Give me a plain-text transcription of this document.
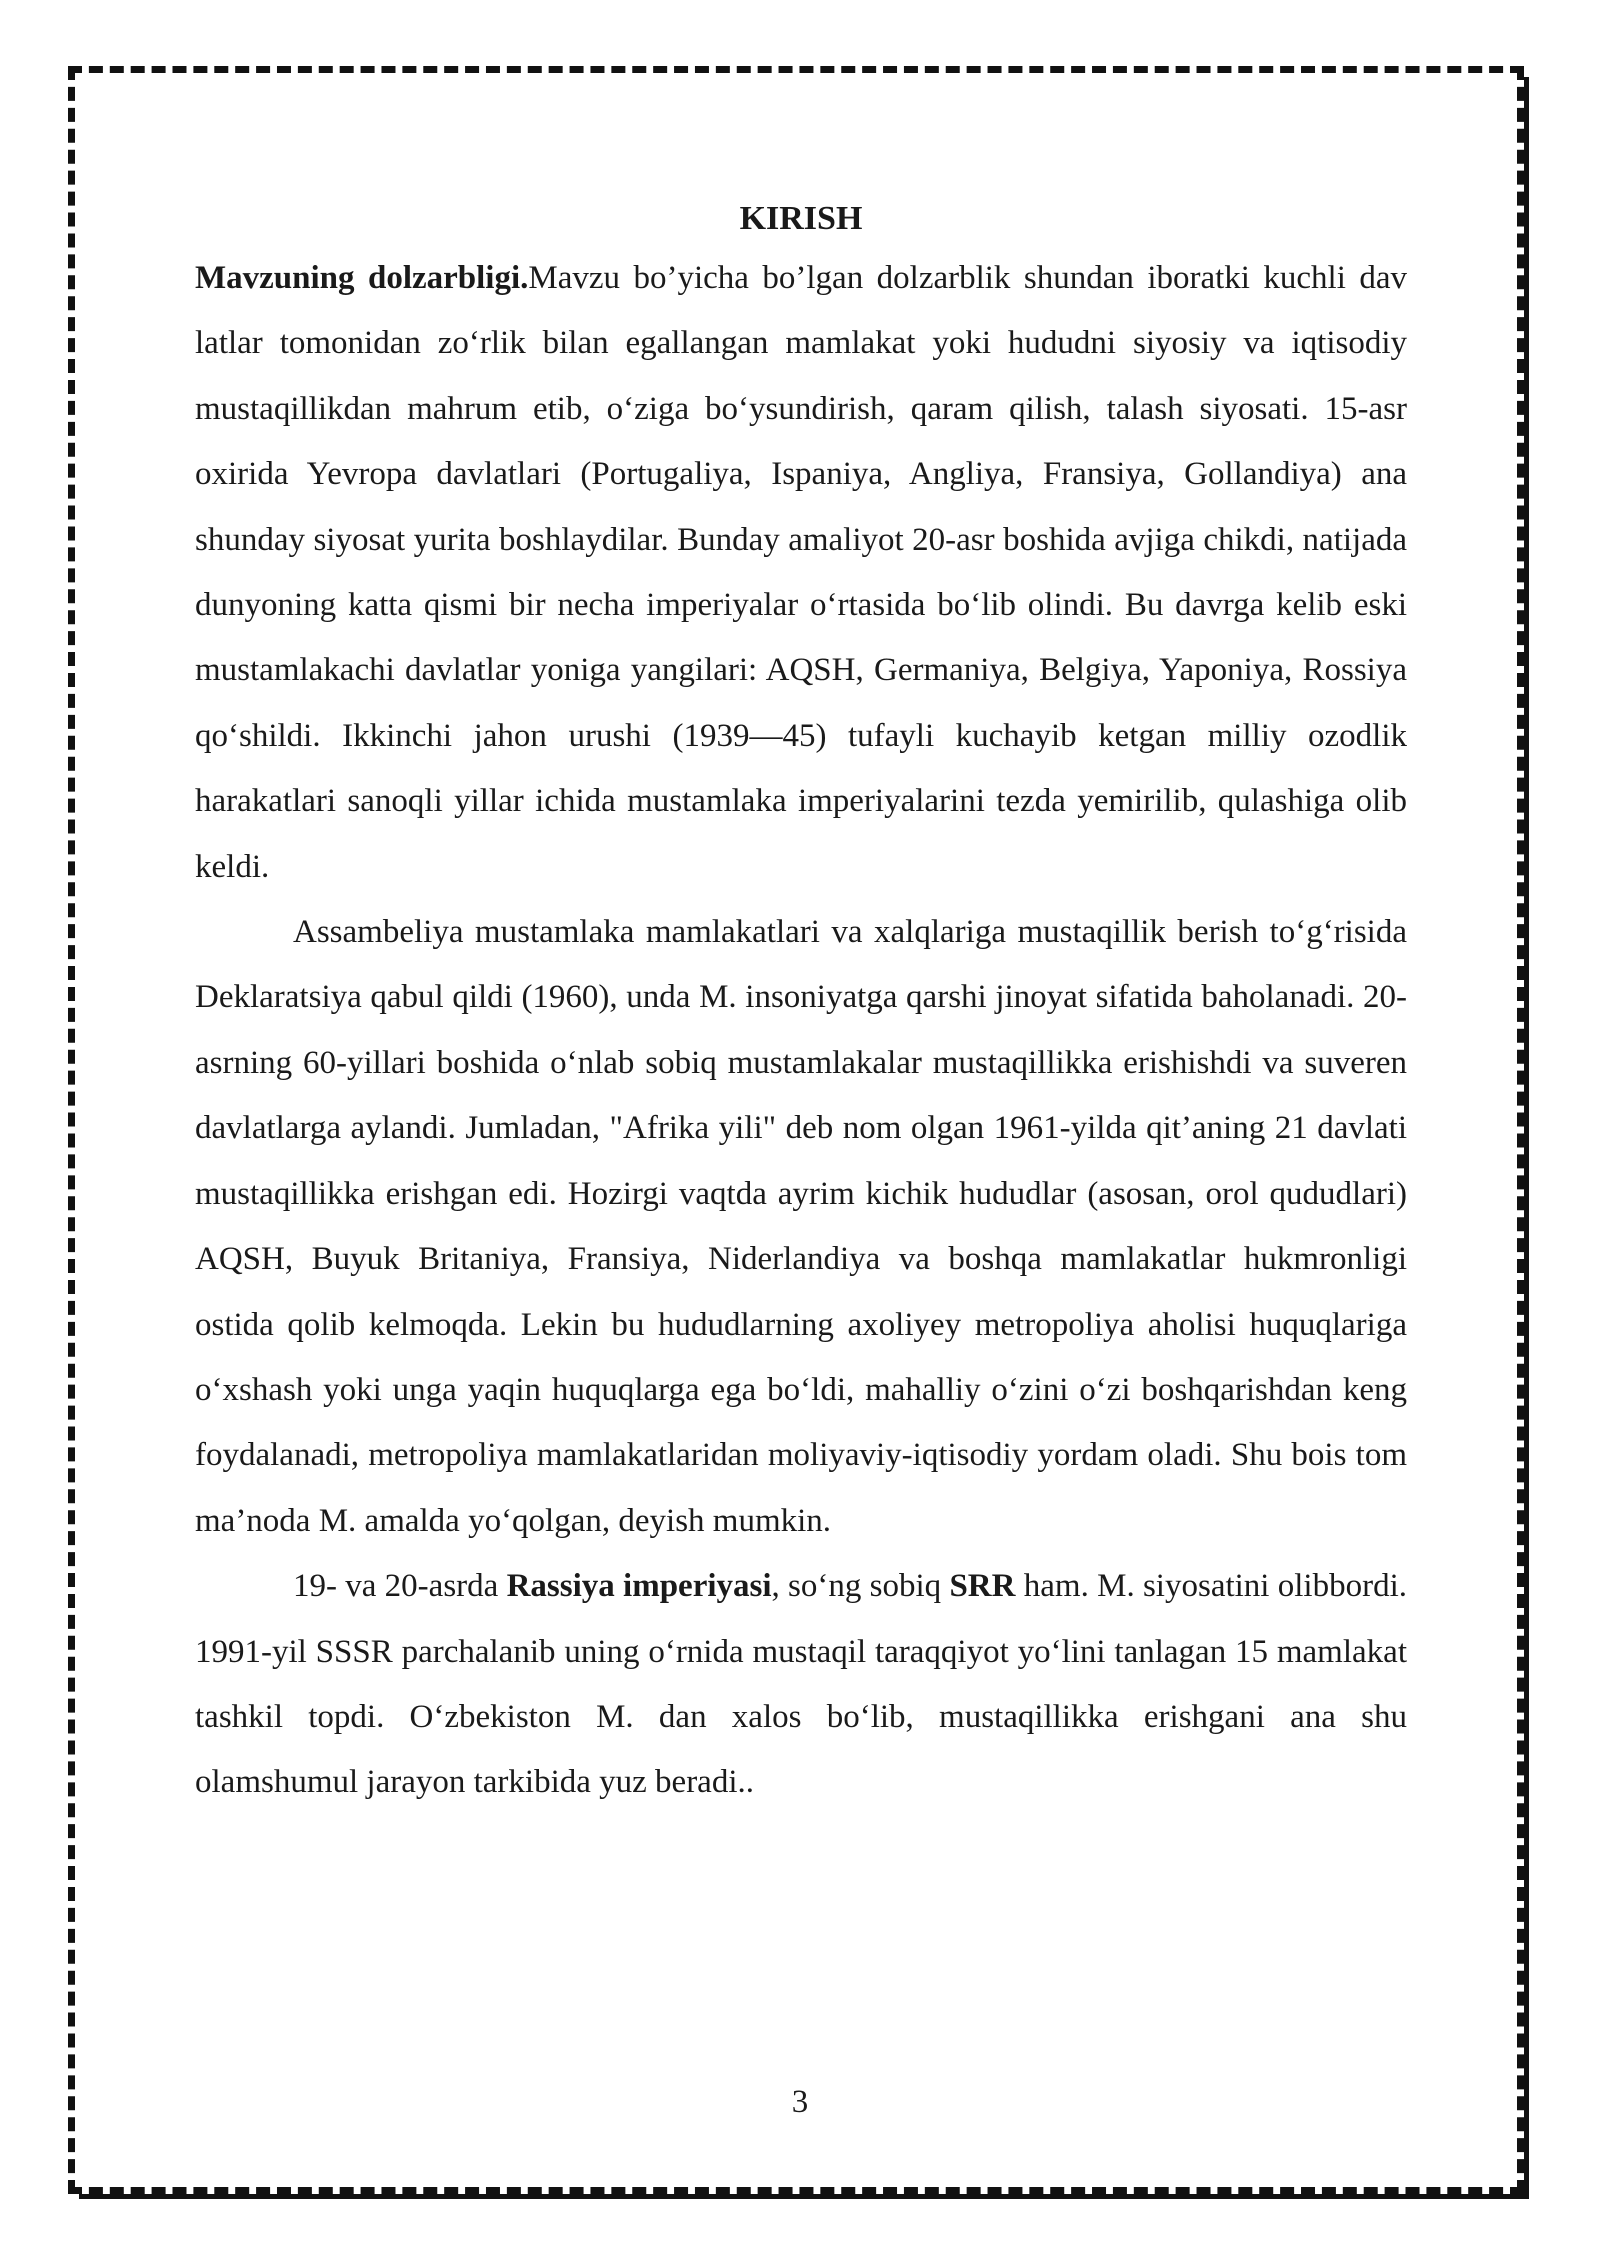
KIRISH

Mavzuning dolzarbligi.Mavzu bo’yicha bo’lgan dolzarblik shundan iboratki kuchli dav latlar tomonidan zoʻrlik bilan egallangan mamlakat yoki hududni siyosiy va iqtisodiy mustaqillikdan mahrum etib, oʻziga boʻysundirish, qaram qilish, talash siyosati. 15-asr oxirida Yevropa davlatlari (Portugaliya, Ispaniya, Angliya, Fransiya, Gollandiya) ana shunday siyosat yurita boshlaydilar. Bunday amaliyot 20-asr boshida avjiga chikdi, natijada dunyoning katta qismi bir necha imperiyalar oʻrtasida boʻlib olindi. Bu davrga kelib eski mustamlakachi davlatlar yoniga yangilari: AQSH, Germaniya, Belgiya, Yaponiya, Rossiya qoʻshildi. Ikkinchi jahon urushi (1939—45) tufayli kuchayib ketgan milliy ozodlik harakatlari sanoqli yillar ichida mustamlaka imperiyalarini tezda yemirilib, qulashiga olib keldi.

Assambeliya mustamlaka mamlakatlari va xalqlariga mustaqillik berish toʻgʻrisida Deklaratsiya qabul qildi (1960), unda M. insoniyatga qarshi jinoyat sifatida baholanadi. 20-asrning 60-yillari boshida oʻnlab sobiq mustamlakalar mustaqillikka erishishdi va suveren davlatlarga aylandi. Jumladan, "Afrika yili" deb nom olgan 1961-yilda qit’aning 21 davlati mustaqillikka erishgan edi. Hozirgi vaqtda ayrim kichik hududlar (asosan, orol qududlari) AQSH, Buyuk Britaniya, Fransiya, Niderlandiya va boshqa mamlakatlar hukmronligi ostida qolib kelmoqda. Lekin bu hududlarning axoliyey metropoliya aholisi huquqlariga oʻxshash yoki unga yaqin huquqlarga ega boʻldi, mahalliy oʻzini oʻzi boshqarishdan keng foydalanadi, metropoliya mamlakatlaridan moliyaviy-iqtisodiy yordam oladi. Shu bois tom ma’noda M. amalda yoʻqolgan, deyish mumkin.

19- va 20-asrda Rassiya imperiyasi, soʻng sobiq SRR ham. M. siyosatini olibbordi. 1991-yil SSSR parchalanib uning oʻrnida mustaqil taraqqiyot yoʻlini tanlagan 15 mamlakat tashkil topdi. Oʻzbekiston M. dan xalos boʻlib, mustaqillikka erishgani ana shu olamshumul jarayon tarkibida yuz beradi..

3
